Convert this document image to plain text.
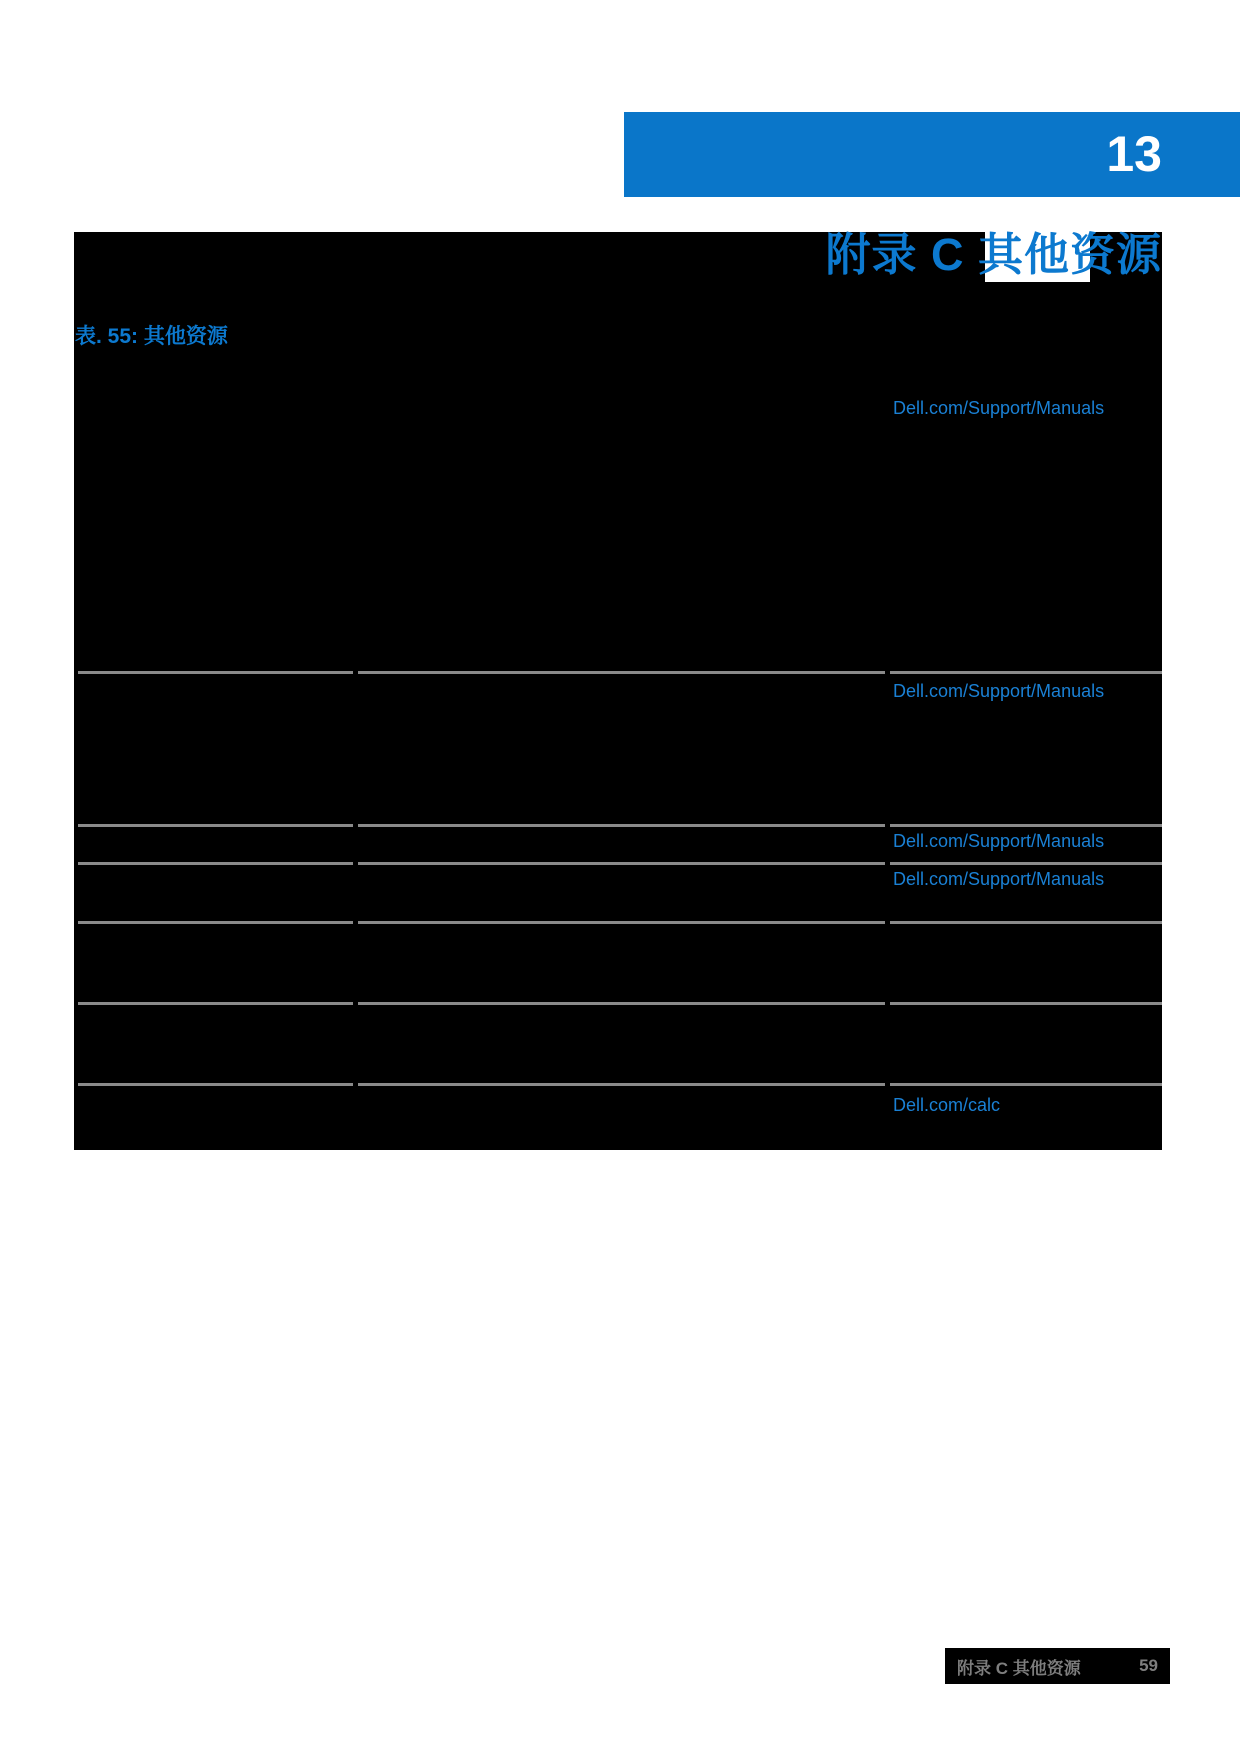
13
附录 C 其他资源
表. 55: 其他资源
Dell.com/Support/Manuals
Dell.com/Support/Manuals
Dell.com/Support/Manuals
Dell.com/Support/Manuals
Dell.com/calc
附录 C 其他资源	59
